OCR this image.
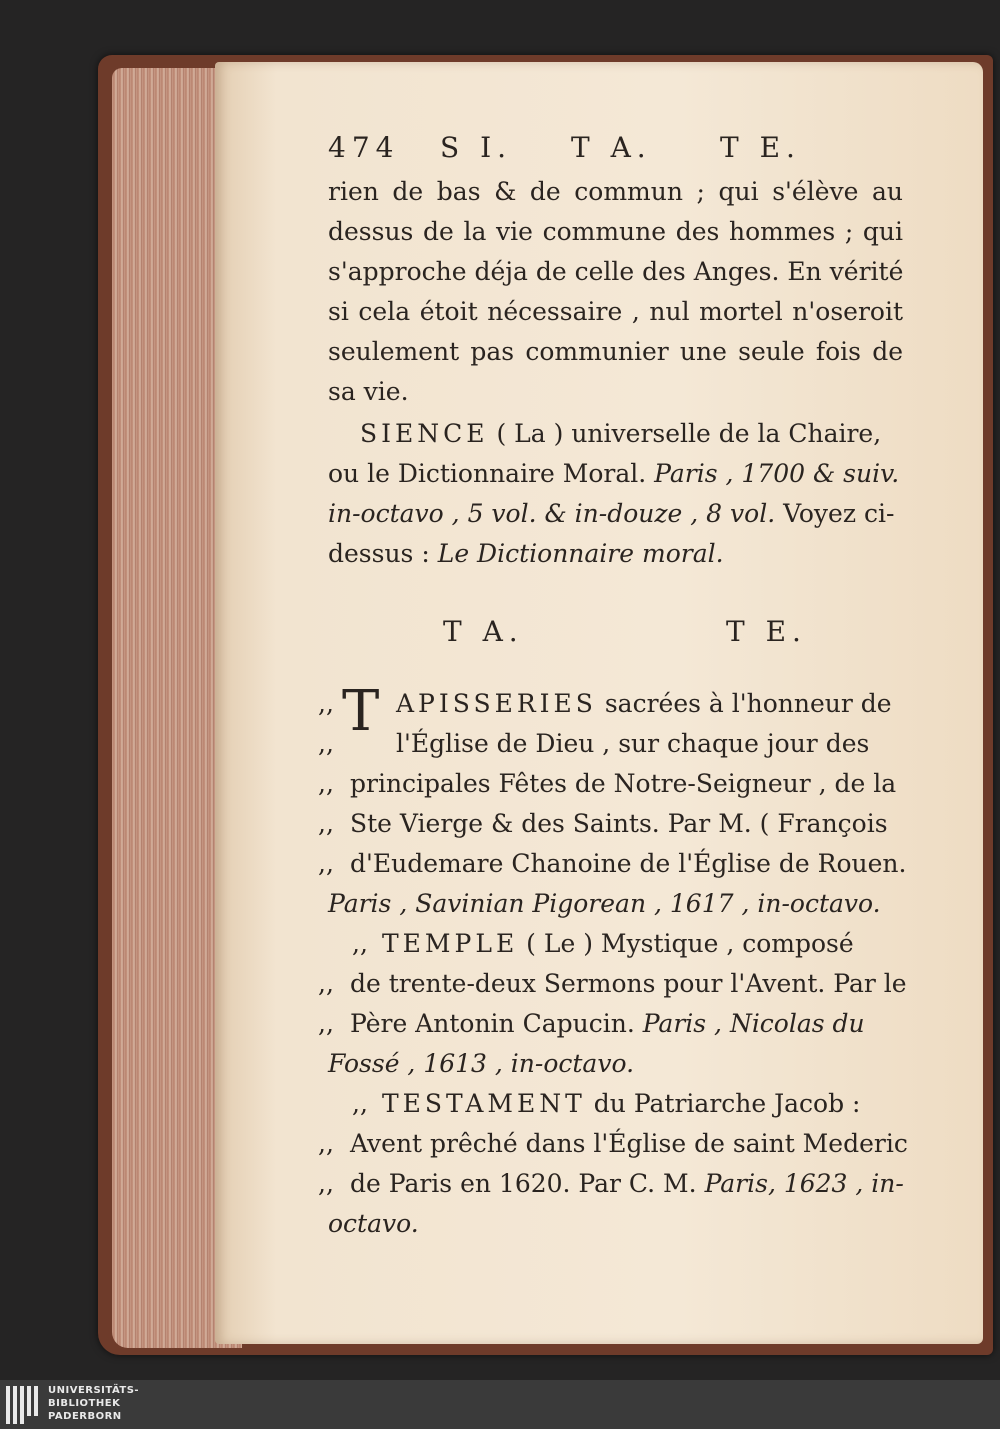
474 S I. T A. T E.
rien de bas & de commun ; qui s'élève au
dessus de la vie commune des hommes ; qui
s'approche déja de celle des Anges. En vérité
si cela étoit nécessaire , nul mortel n'oseroit
seulement pas communier une seule fois de
sa vie.
SIENCE ( La ) universelle de la Chaire,
ou le Dictionnaire Moral. Paris , 1700 & suiv.
in-octavo , 5 vol. & in-douze , 8 vol. Voyez ci-
dessus : Le Dictionnaire moral.
T A.	T E.
T APISSERIES sacrées à l'honneur de
l'Église de Dieu , sur chaque jour des
principales Fêtes de Notre-Seigneur , de la
Ste Vierge & des Saints. Par M. ( François
d'Eudemare Chanoine de l'Église de Rouen.
Paris , Savinian Pigorean , 1617 , in-octavo.
TEMPLE ( Le ) Mystique , composé
de trente-deux Sermons pour l'Avent. Par le
Père Antonin Capucin. Paris , Nicolas du
Fossé , 1613 , in-octavo.
TESTAMENT du Patriarche Jacob :
Avent prêché dans l'Église de saint Mederic
de Paris en 1620. Par C. M. Paris, 1623 , in-
octavo.
,,
,,
,,
,,
,,
,,
,,
,,
,,
,,
,,
UNIVERSITÄTS-
BIBLIOTHEK
PADERBORN
